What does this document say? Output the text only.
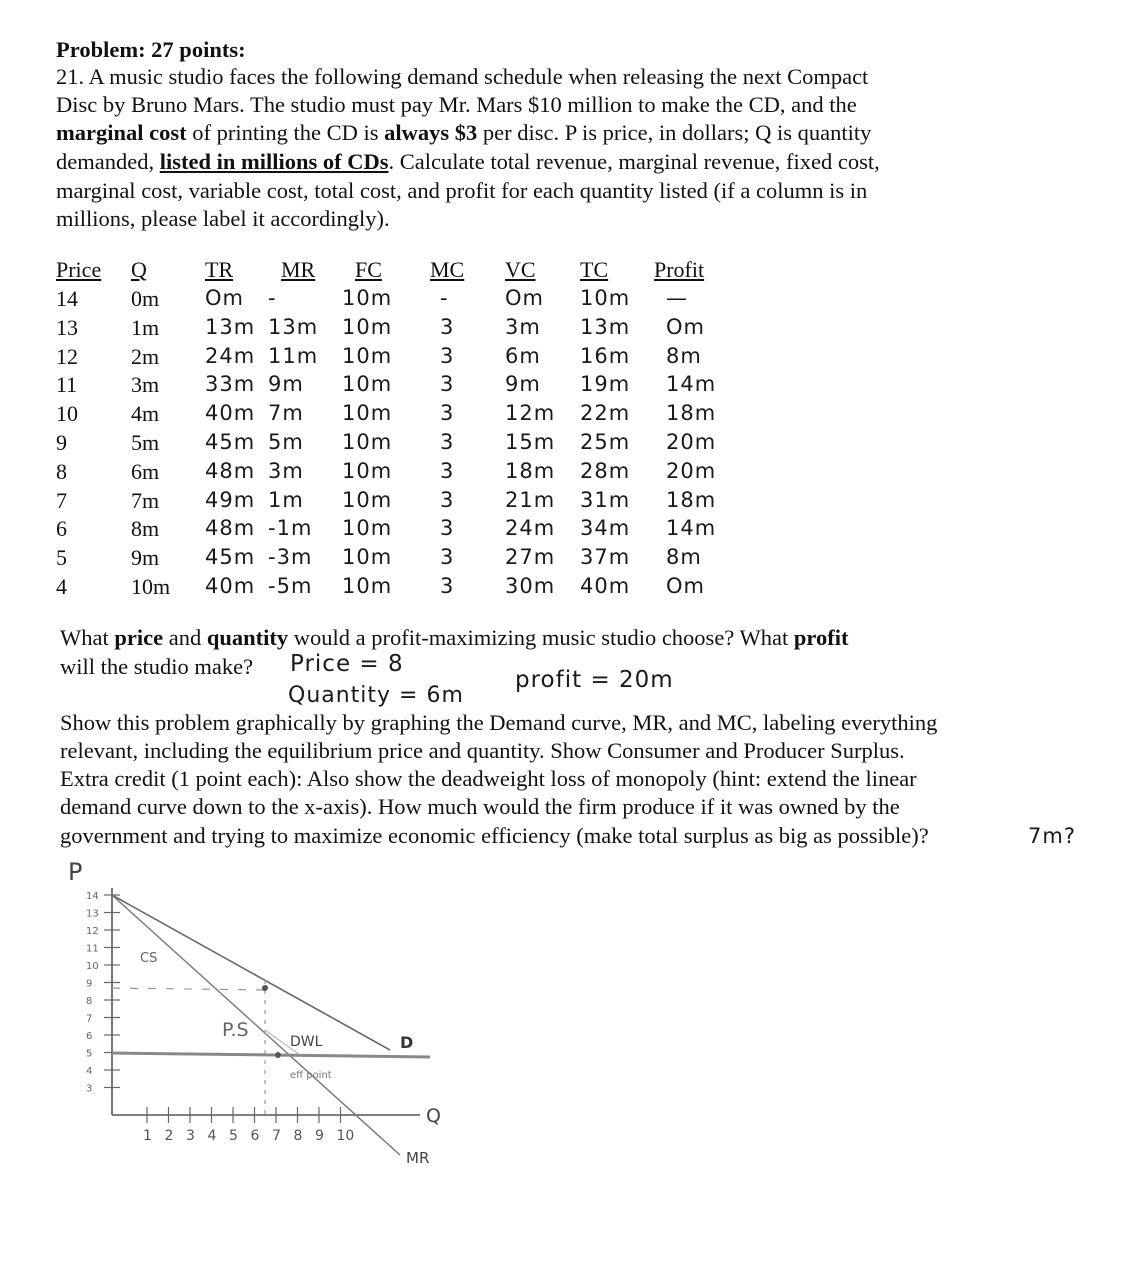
Problem: 27 points:
21. A music studio faces the following demand schedule when releasing the next Compact
Disc by Bruno Mars. The studio must pay Mr. Mars $10 million to make the CD, and the
marginal cost of printing the CD is always $3 per disc. P is price, in dollars; Q is quantity
demanded, listed in millions of CDs. Calculate total revenue, marginal revenue, fixed cost,
marginal cost, variable cost, total cost, and profit for each quantity listed (if a column is in
millions, please label it accordingly).
Price Q	TR MR FC MC VC TC Profit
14 0m Om -	10m -	Om 10m —
13 1m 13m 13m 10m 3 3m 13m Om
12 2m 24m 11m 10m 3 6m 16m 8m
11 3m 33m 9m 10m 3 9m 19m 14m
10 4m 40m 7m 10m 3 12m 22m 18m
9	5m 45m 5m 10m 3 15m 25m 20m
8	6m 48m 3m 10m 3 18m 28m 20m
7	7m 49m 1m 10m 3 21m 31m 18m
6	8m 48m -1m 10m 3 24m 34m 14m
5	9m 45m -3m 10m 3 27m 37m 8m
4	10m 40m -5m 10m 3 30m 40m Om
What price and quantity would a profit-maximizing music studio choose? What profit
will the studio make? Price = 8
profit = 20m
Quantity = 6m
Show this problem graphically by graphing the Demand curve, MR, and MC, labeling everything
relevant, including the equilibrium price and quantity. Show Consumer and Producer Surplus.
Extra credit (1 point each): Also show the deadweight loss of monopoly (hint: extend the linear
demand curve down to the x-axis). How much would the firm produce if it was owned by the
government and trying to maximize economic efficiency (make total surplus as big as possible)?	7m?
P
Q
14
13
12
11
10
9
8
7
6
5
4
3
1 2 3 4 5 6 7 8 9 10
CS
P.S
DWL	D
eff point
MR
